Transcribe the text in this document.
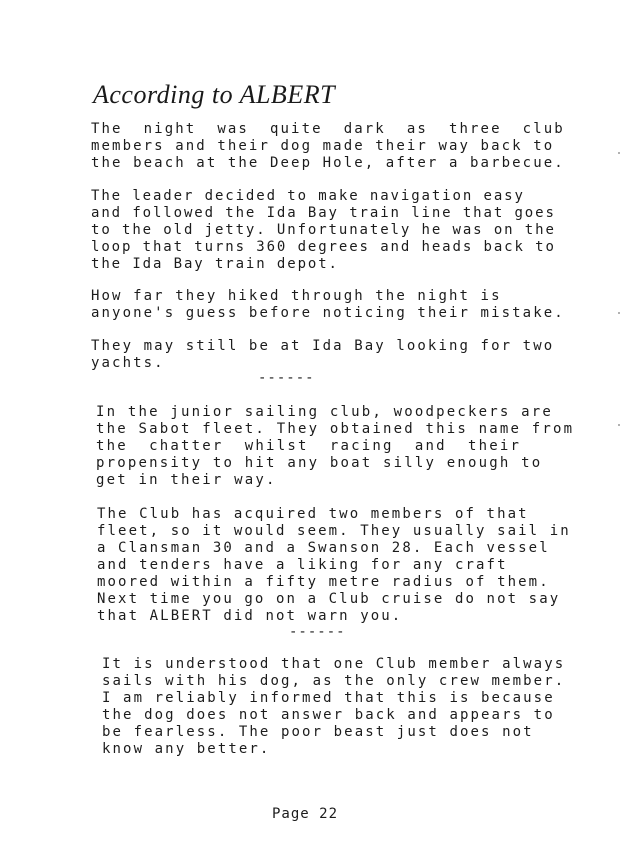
According to ALBERT
The  night  was  quite  dark  as  three  club
members and their dog made their way back to
the beach at the Deep Hole, after a barbecue.
The leader decided to make navigation easy
and followed the Ida Bay train line that goes
to the old jetty. Unfortunately he was on the
loop that turns 360 degrees and heads back to
the Ida Bay train depot.
How far they hiked through the night is
anyone's guess before noticing their mistake.
They may still be at Ida Bay looking for two
yachts.
------
In the junior sailing club, woodpeckers are
the Sabot fleet. They obtained this name from
the  chatter  whilst  racing  and  their
propensity to hit any boat silly enough to
get in their way.
The Club has acquired two members of that
fleet, so it would seem. They usually sail in
a Clansman 30 and a Swanson 28. Each vessel
and tenders have a liking for any craft
moored within a fifty metre radius of them.
Next time you go on a Club cruise do not say
that ALBERT did not warn you.
------
It is understood that one Club member always
sails with his dog, as the only crew member.
I am reliably informed that this is because
the dog does not answer back and appears to
be fearless. The poor beast just does not
know any better.
Page 22
